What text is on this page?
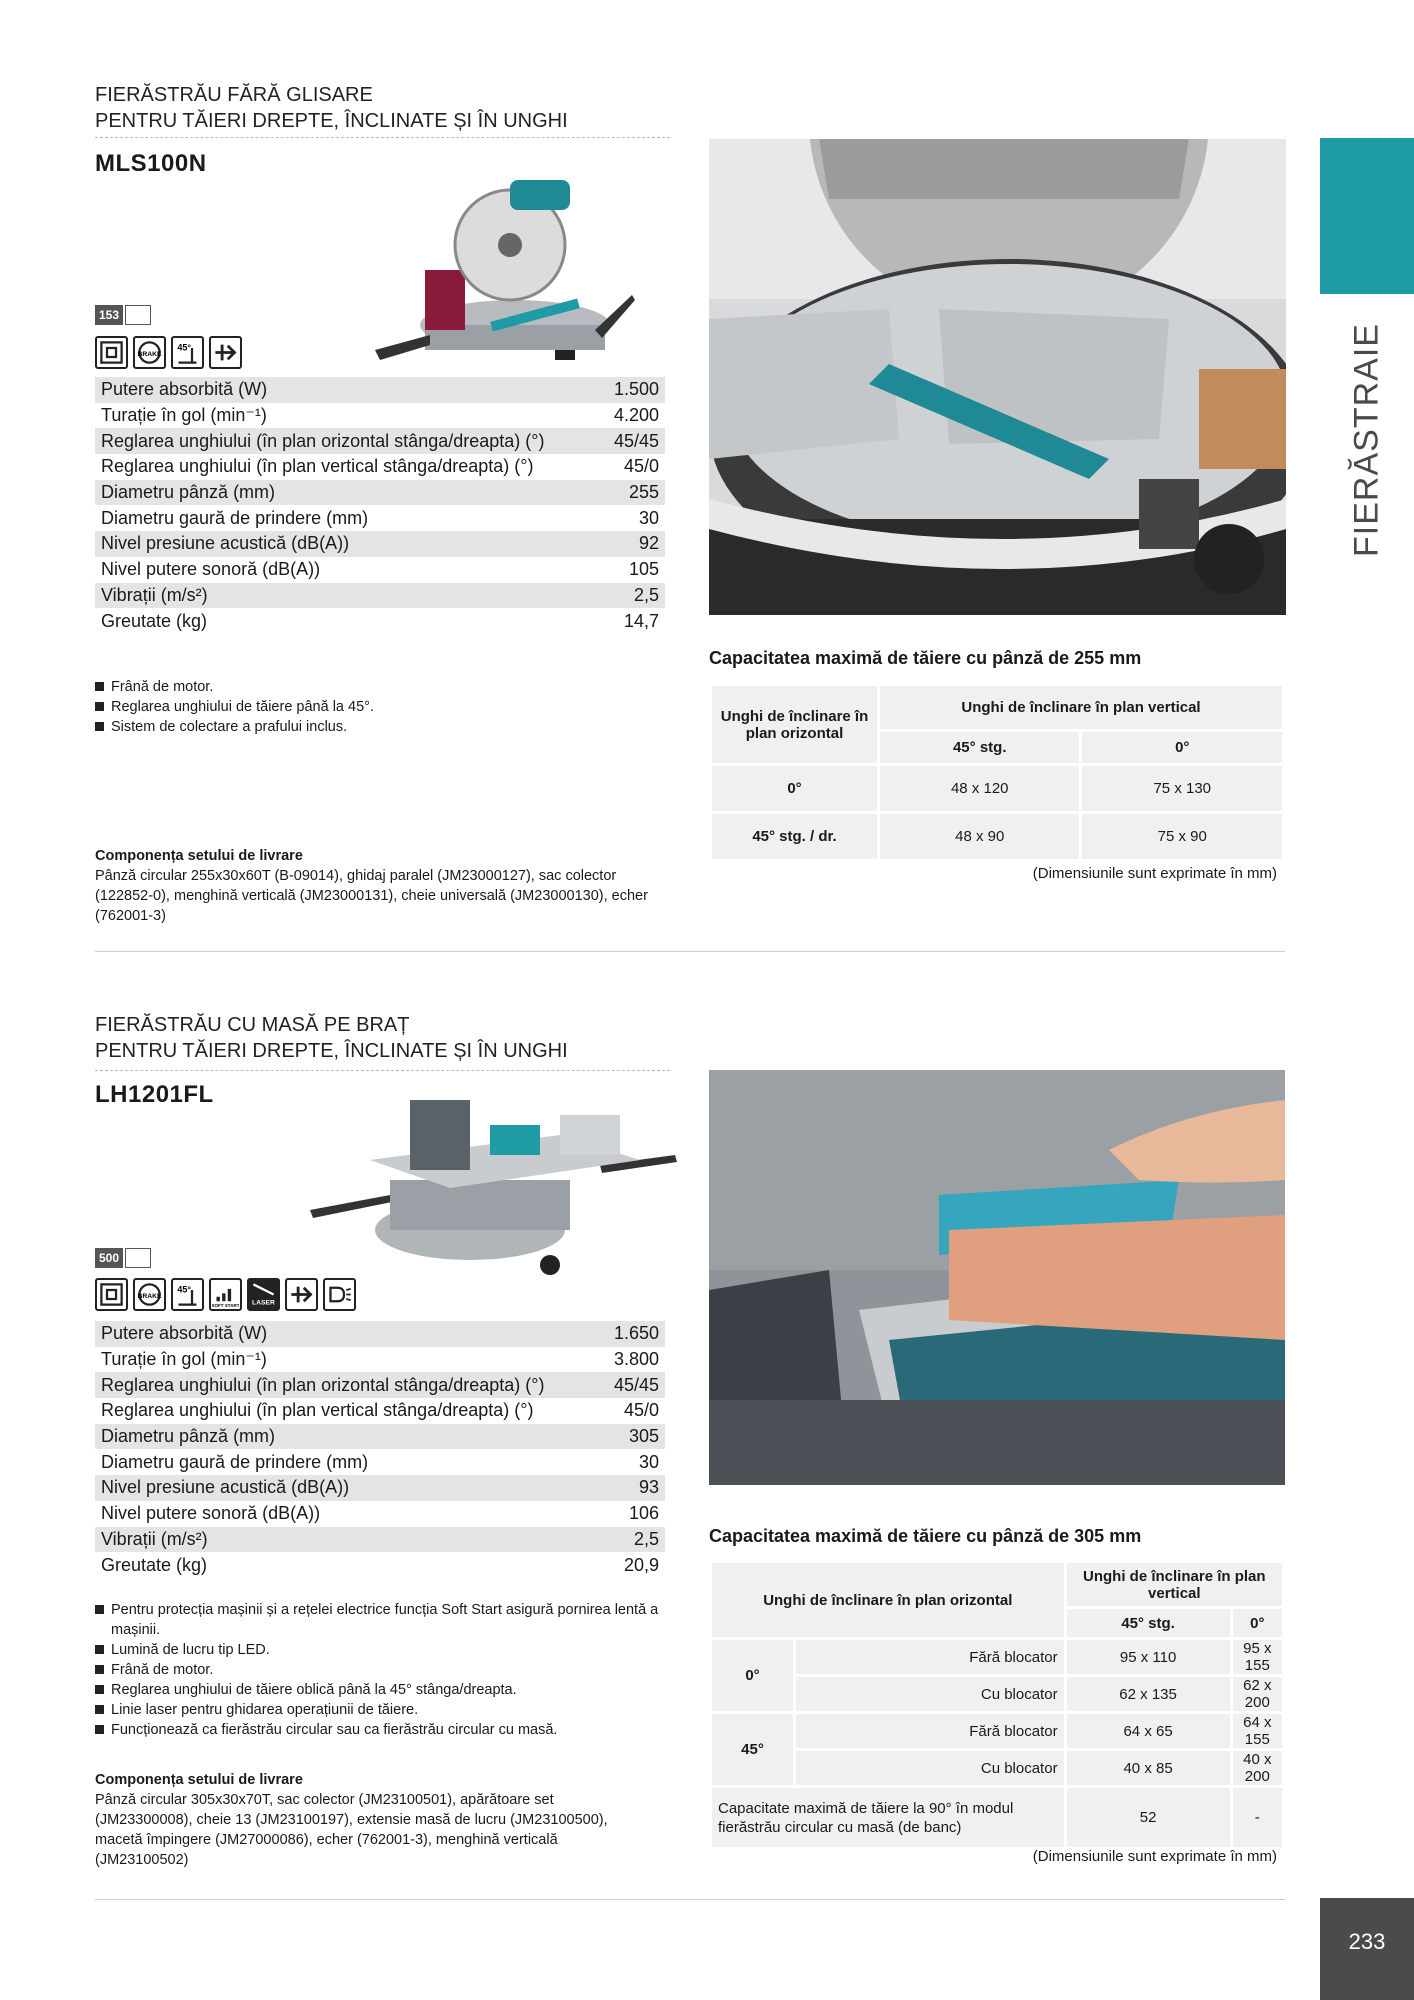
FIERĂSTRAIE
233
FIERĂSTRĂU FĂRĂ GLISARE
PENTRU TĂIERI DREPTE, ÎNCLINATE ȘI ÎN UNGHI
MLS100N
153
BRAKE
45°
Putere absorbită (W)	1.500
Turație în gol (min⁻¹)	4.200
Reglarea unghiului (în plan orizontal stânga/dreapta) (°)	45/45
Reglarea unghiului (în plan vertical stânga/dreapta) (°)	45/0
Diametru pânză (mm)	255
Diametru gaură de prindere (mm)	30
Nivel presiune acustică (dB(A))	92
Nivel putere sonoră (dB(A))	105
Vibrații (m/s²)	2,5
Greutate (kg)	14,7
Frână de motor.
Reglarea unghiului de tăiere până la 45°.
Sistem de colectare a prafului inclus.
Componența setului de livrare

Pânză circular 255x30x60T (B-09014), ghidaj paralel (JM23000127), sac colector (122852-0), menghină verticală (JM23000131), cheie universală (JM23000130), echer (762001-3)

Capacitatea maximă de tăiere cu pânză de 255 mm
Unghi de înclinare în plan orizontal	Unghi de înclinare în plan vertical	
	45° stg.	0°
0°	48 x 120	75 x 130
45° stg. / dr.	48 x 90	75 x 90
(Dimensiunile sunt exprimate în mm)
FIERĂSTRĂU CU MASĂ PE BRAȚ
PENTRU TĂIERI DREPTE, ÎNCLINATE ȘI ÎN UNGHI
LH1201FL
500
BRAKE
45°
SOFT START LASER
Putere absorbită (W)	1.650
Turație în gol (min⁻¹)	3.800
Reglarea unghiului (în plan orizontal stânga/dreapta) (°)	45/45
Reglarea unghiului (în plan vertical stânga/dreapta) (°)	45/0
Diametru pânză (mm)	305
Diametru gaură de prindere (mm)	30
Nivel presiune acustică (dB(A))	93
Nivel putere sonoră (dB(A))	106
Vibrații (m/s²)	2,5
Greutate (kg)	20,9
Pentru protecția mașinii și a rețelei electrice funcția Soft Start asigură pornirea lentă a mașinii.
Lumină de lucru tip LED.
Frână de motor.
Reglarea unghiului de tăiere oblică până la 45° stânga/dreapta.
Linie laser pentru ghidarea operațiunii de tăiere.
Funcționează ca fierăstrău circular sau ca fierăstrău circular cu masă.
Componența setului de livrare

Pânză circular 305x30x70T, sac colector (JM23100501), apărătoare set (JM23300008), cheie 13 (JM23100197), extensie masă de lucru (JM23100500), macetă împingere (JM27000086), echer (762001-3), menghină verticală (JM23100502)

Capacitatea maximă de tăiere cu pânză de 305 mm
Unghi de înclinare în plan orizontal		Unghi de înclinare în plan vertical	
		45° stg.	0°
0°	Fără blocator	95 x 110	95 x 155
	Cu blocator	62 x 135	62 x 200
45°	Fără blocator	64 x 65	64 x 155
	Cu blocator	40 x 85	40 x 200
Capacitate maximă de tăiere la 90° în modul fierăstrău circular cu masă (de banc)		52	-
(Dimensiunile sunt exprimate în mm)
